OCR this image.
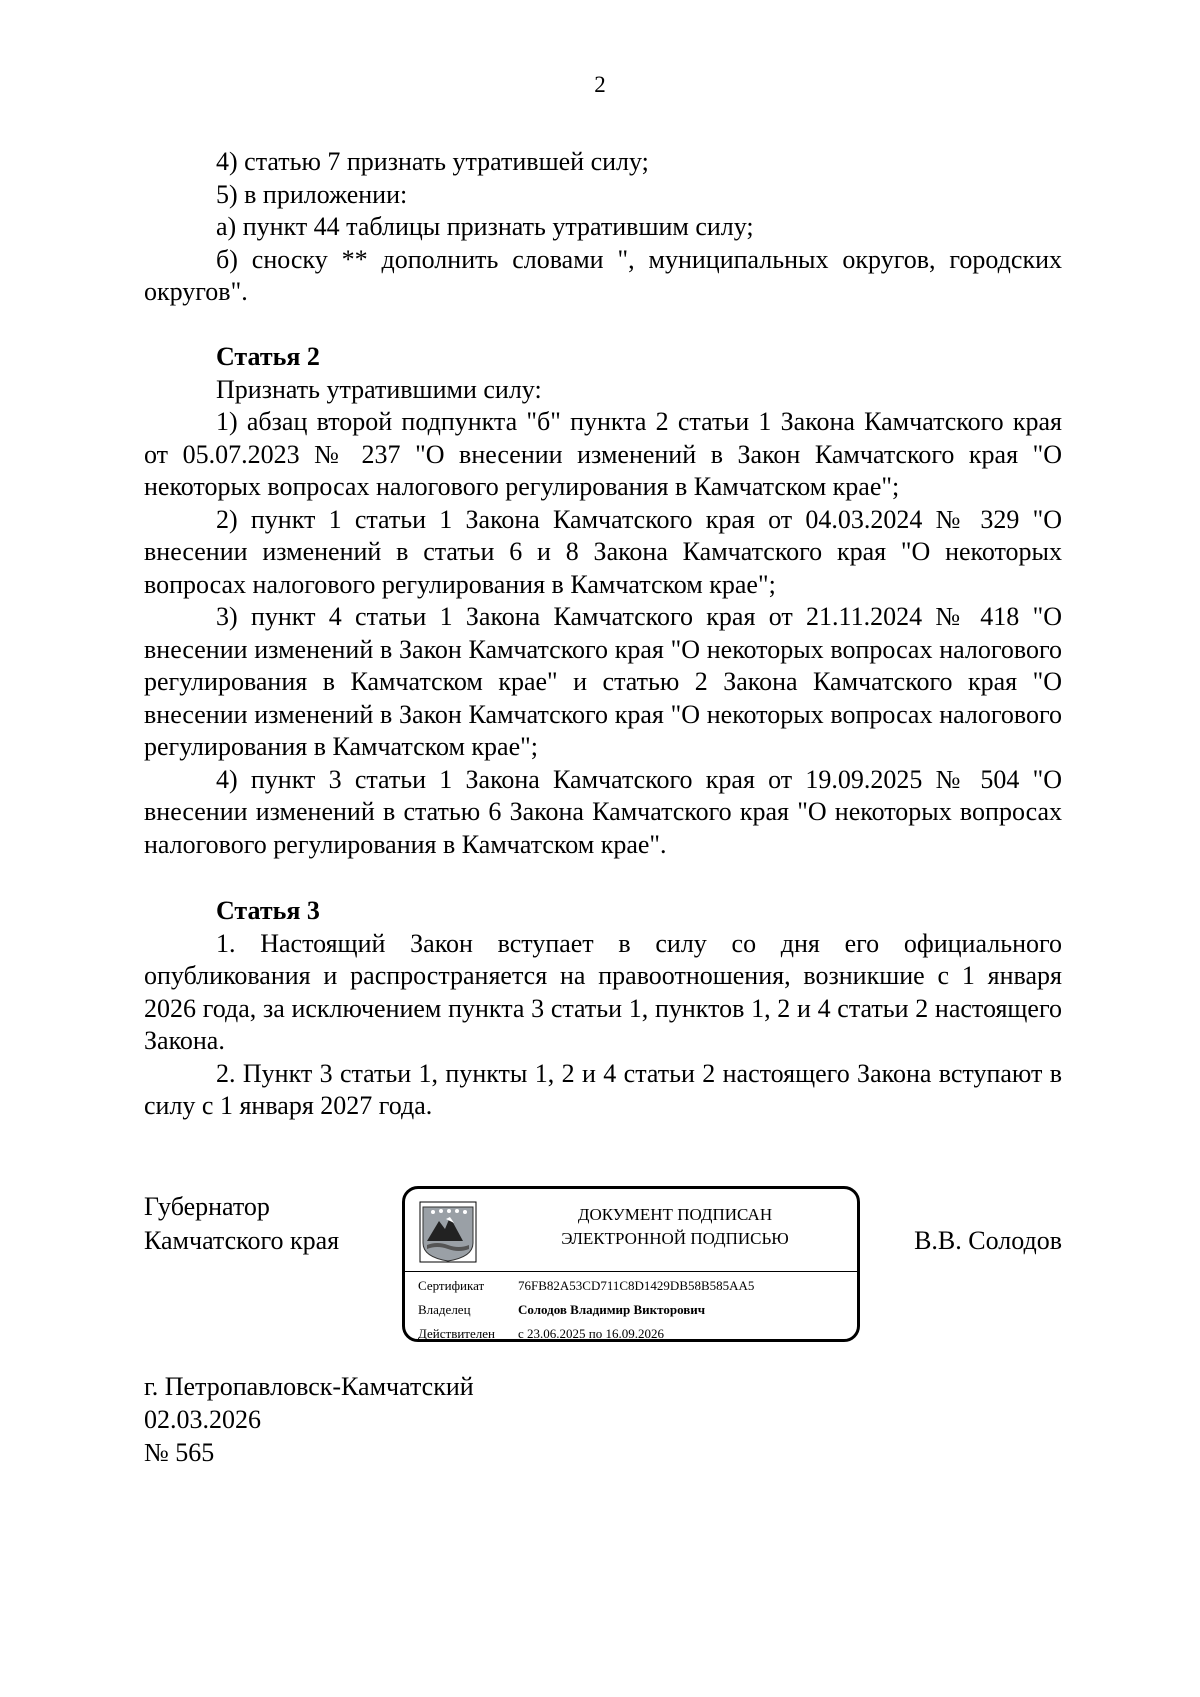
2

4) статью 7 признать утратившей силу;

5) в приложении:

а) пункт 44 таблицы признать утратившим силу;

б) сноску ** дополнить словами ", муниципальных округов, городских округов".

Статья 2

Признать утратившими силу:

1) абзац второй подпункта "б" пункта 2 статьи 1 Закона Камчатского края от 05.07.2023 № 237 "О внесении изменений в Закон Камчатского края "О некоторых вопросах налогового регулирования в Камчатском крае";

2) пункт 1 статьи 1 Закона Камчатского края от 04.03.2024 № 329 "О внесении изменений в статьи 6 и 8 Закона Камчатского края "О некоторых вопросах налогового регулирования в Камчатском крае";

3) пункт 4 статьи 1 Закона Камчатского края от 21.11.2024 № 418 "О внесении изменений в Закон Камчатского края "О некоторых вопросах налогового регулирования в Камчатском крае" и статью 2 Закона Камчатского края "О внесении изменений в Закон Камчатского края "О некоторых вопросах налогового регулирования в Камчатском крае";

4) пункт 3 статьи 1 Закона Камчатского края от 19.09.2025 № 504 "О внесении изменений в статью 6 Закона Камчатского края "О некоторых вопросах налогового регулирования в Камчатском крае".

Статья 3

1. Настоящий Закон вступает в силу со дня его официального опубликования и распространяется на правоотношения, возникшие с 1 января 2026 года, за исключением пункта 3 статьи 1, пунктов 1, 2 и 4 статьи 2 настоящего Закона.

2. Пункт 3 статьи 1, пункты 1, 2 и 4 статьи 2 настоящего Закона вступают в силу с 1 января 2027 года.

Губернатор
Камчатского края
ДОКУМЕНТ ПОДПИСАН
ЭЛЕКТРОННОЙ ПОДПИСЬЮ
Сертификат	76FB82A53CD711C8D1429DB58B585AA5
Владелец	Солодов Владимир Викторович
Действителен с 23.06.2025 по 16.09.2026
В.В. Солодов
г. Петропавловск-Камчатский
02.03.2026
№ 565
